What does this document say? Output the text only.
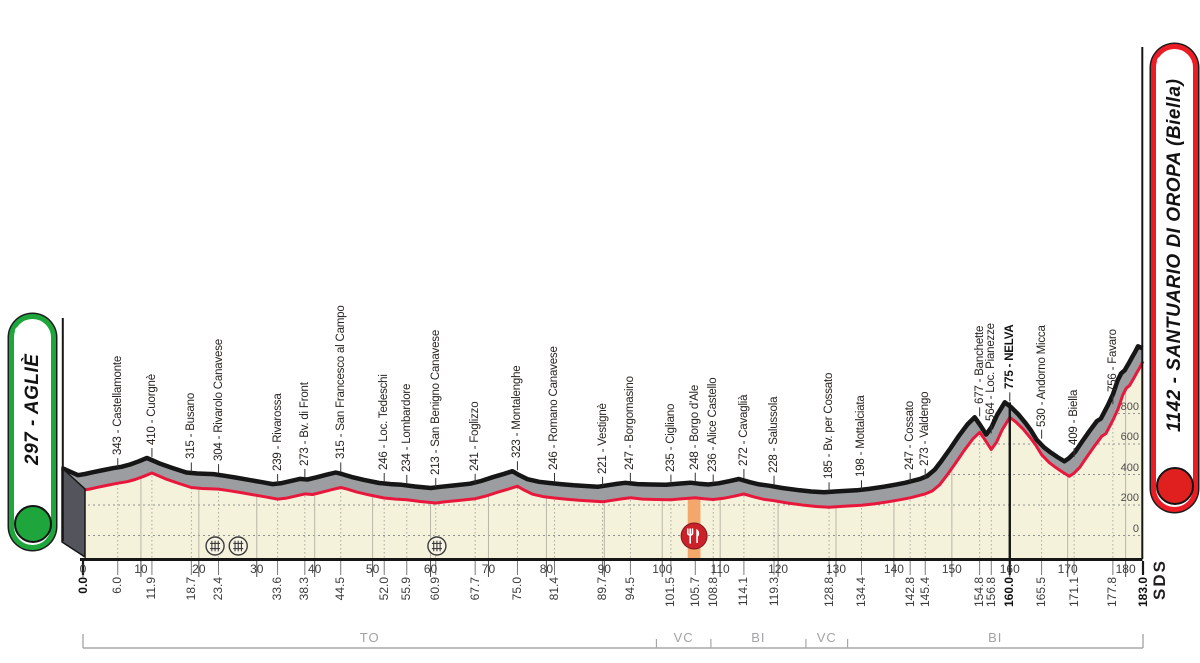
0	10	20	30	40	50	60	70	80	90	100	110	120	130	140	150	160	170	180
0.0 6.0 11.9 18.7 23.4	33.6 38.3 44.5 52.0 55.9 60.9 67.7 75.0 81.4	89.7 94.5 101.5 105.7 108.8 114.1 119.3	128.8 134.4	142.8 145.4	154.8
156.8 160.0 165.5 171.1 177.8 183.0
0
200
400
600
800
343 - Castellamonte 410 - Cuorgnè 315 - Busano 304 - Rivarolo Canavese	239 - Rivarossa 273 - Bv. di Front 315 - San Francesco al Campo	246 - Loc. Tedeschi 234 - Lombardore 213 - San Benigno Canavese 241 - Foglizzo	323 - Montalenghe 246 - Romano Canavese	221 - Vestignè 247 - Borgomasino 235 - Cigliano 248 - Borgo d'Ale 236 - Alice Castello 272 - Cavaglià 228 - Salussola	185 - Bv. per Cossato 198 - Mottalciata	247 - Cossato 273 - Valdengo
677 - Banchette 564 - Loc. Pianezze 775 - NELVA 530 - Andorno Micca 409 - Biella
756 - Favaro
TO	VC	BI	VC	BI
297 - AGLIÈ	1142 - SANTUARIO DI OROPA (Biella)
SDS
